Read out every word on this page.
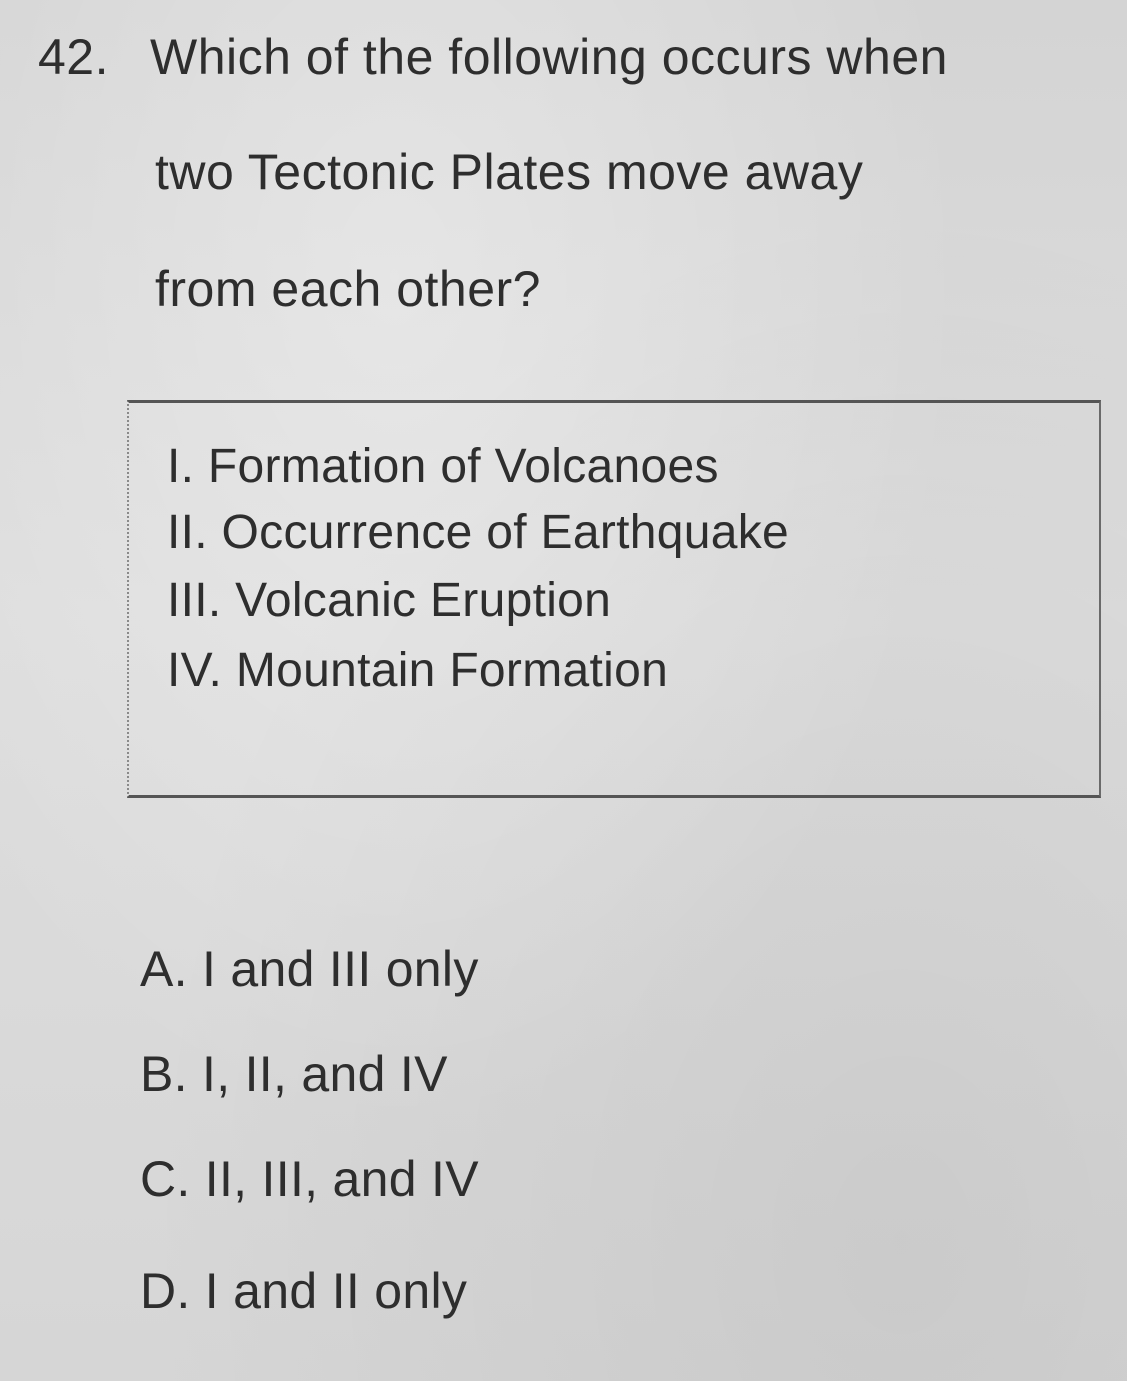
42. Which of the following occurs when
two Tectonic Plates move away
from each other?
I. Formation of Volcanoes
II. Occurrence of Earthquake
III. Volcanic Eruption
IV. Mountain Formation
A. I and III only
B. I, II, and IV
C. II, III, and IV
D. I and II only
